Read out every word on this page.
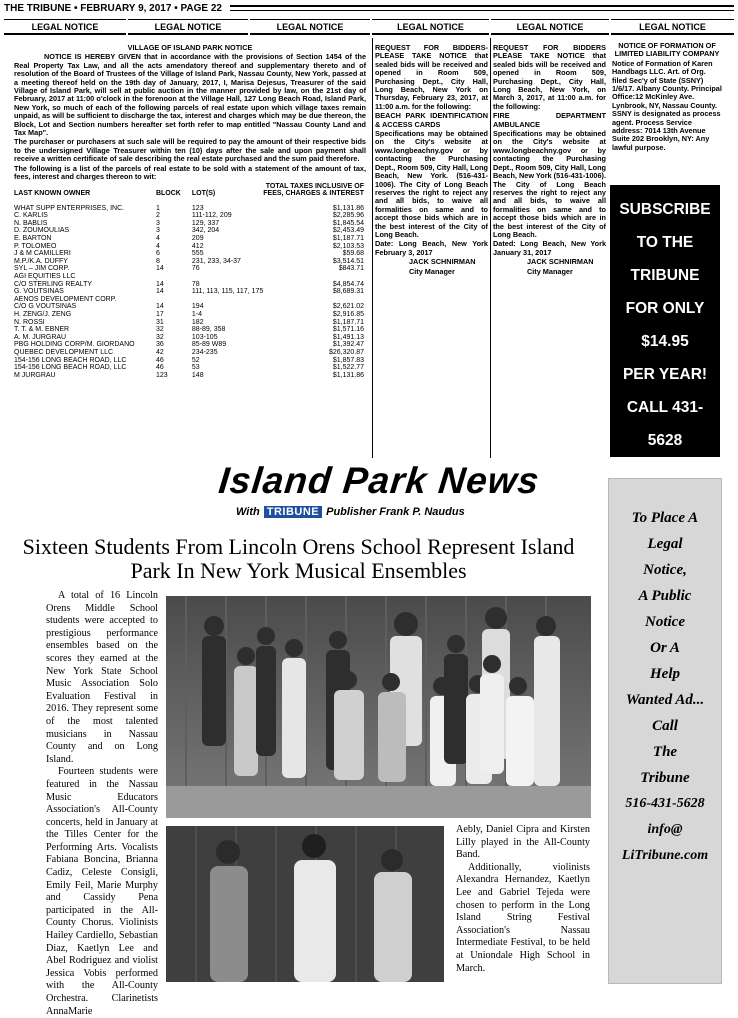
THE TRIBUNE • FEBRUARY 9, 2017 • PAGE 22
LEGAL NOTICE	LEGAL NOTICE	LEGAL NOTICE	LEGAL NOTICE	LEGAL NOTICE	LEGAL NOTICE

VILLAGE OF ISLAND PARK NOTICE

NOTICE IS HEREBY GIVEN that in accordance with the provisions of Section 1454 of the Real Property Tax Law, and all the acts amendatory thereof and supplementary thereto and of resolution of the Board of Trustees of the Village of Island Park, Nassau County, New York, passed at a meeting thereof held on the 19th day of January, 2017, I, Marisa Dejesus, Treasurer of the said Village of Island Park, will sell at public auction in the manner provided by law, on the 21st day of February, 2017 at 11:00 o'clock in the forenoon at the Village Hall, 127 Long Beach Road, Island Park, New York, so much of each of the following parcels of real estate upon which village taxes remain unpaid, as will be sufficient to discharge the tax, interest and charges which may be due thereon, the Block, Lot and Section numbers hereafter set forth refer to map entitled "Nassau County Land and Tax Map".

The purchaser or purchasers at such sale will be required to pay the amount of their respective bids to the undersigned Village Treasurer within ten (10) days after the sale and upon payment shall receive a written certificate of sale describing the real estate purchased and the sum paid therefore.

The following is a list of the parcels of real estate to be sold with a statement of the amount of tax, fees, interest and charges thereon to wit:

			TOTAL TAXES INCLUSIVE OF
LAST KNOWN OWNER	BLOCK	LOT(S)	FEES, CHARGES & INTEREST

WHAT SUPP ENTERPRISES, INC.	1	123	$1,131.86
C. KARLIS	2	111-112, 209	$2,285.96
N. BABLIS	3	129, 337	$1,845.54
D. ZOUMOULIAS	3	342, 204	$2,453.49
E. BARTON	4	209	$1,187.71
P. TOLOMEO	4	412	$2,103.53
J & M CAMILLERI	6	555	$59.68
M.P./K.A. DUFFY	8	231, 233, 34-37	$3,514.51
SYL – JIM CORP.	14	76	$843.71
AGI EQUITIES LLC			
C/O STERLING REALTY	14	78	$4,854.74
G. VOUTSINAS	14	111, 113, 115, 117, 175	$8,689.31
AENOS DEVELOPMENT CORP.			
C/O G VOUTSINAS	14	194	$2,621.02
H. ZENG/J. ZENG	17	1-4	$2,916.85
N. ROSSI	31	182	$1,187.71
T. T. & M. EBNER	32	88-89, 358	$1,571.16
A. M. JURGRAU	32	103-105	$1,491.13
PBG HOLDING CORP/M. GIORDANO	36	85-89 W89	$1,392.47
QUEBEC DEVELOPMENT LLC	42	234-235	$26,320.87
154-156 LONG BEACH ROAD, LLC	46	52	$1,857.83
154-156 LONG BEACH ROAD, LLC	46	53	$1,522.77
M JURGRAU	123	148	$1,131.86

REQUEST FOR BIDDERS-PLEASE TAKE NOTICE that sealed bids will be received and opened in Room 509, Purchasing Dept., City Hall, Long Beach, New York on Thursday, February 23, 2017, at 11:00 a.m. for the following:

BEACH PARK IDENTIFICATION & ACCESS CARDS

Specifications may be obtained on the City's website at www.longbeachny.gov or by contacting the Purchasing Dept., Room 509, City Hall, Long Beach, New York. (516-431-1006). The City of Long Beach reserves the right to reject any and all bids, to waive all formalities on same and to accept those bids which are in the best interest of the City of Long Beach.

Date: Long Beach, New York February 3, 2017

JACK SCHNIRMAN

City Manager

REQUEST FOR BIDDERS PLEASE TAKE NOTICE that sealed bids will be received and opened in Room 509, Purchasing Dept., City Hall, Long Beach, New York, on March 3, 2017, at 11:00 a.m. for the following:

FIRE DEPARTMENT AMBULANCE

Specifications may be obtained on the City's website at www.longbeachny.gov or by contacting the Purchasing Dept., Room 509, City Hall, Long Beach, New York (516-431-1006). The City of Long Beach reserves the right to reject any and all bids, to waive all formalities on same and to accept those bids which are in the best interest of the City of Long Beach.

Dated: Long Beach, New York January 31, 2017

JACK SCHNIRMAN

City Manager

NOTICE OF FORMATION OF LIMITED LIABILITY COMPANY

Notice of Formation of Karen Handbags LLC. Art. of Org. filed Sec'y of State (SSNY) 1/6/17. Albany County. Principal Office:12 McKinley Ave. Lynbrook, NY, Nassau County. SSNY is designated as process agent. Process Service address: 7014 13th Avenue Suite 202 Brooklyn, NY: Any lawful purpose.

SUBSCRIBE
TO THE
TRIBUNE
FOR ONLY
$14.95
PER YEAR!
CALL 431-
5628
Island Park News
With TRIBUNE Publisher Frank P. Naudus
Sixteen Students From Lincoln Orens School Represent Island Park In New York Musical Ensembles

A total of 16 Lincoln Orens Middle School students were accepted to prestigious performance ensembles based on the scores they earned at the New York State School Music Association Solo Evaluation Festival in 2016. They represent some of the most talented musicians in Nassau County and on Long Island.

Fourteen students were featured in the Nassau Music Educators Association's All-County concerts, held in January at the Tilles Center for the Performing Arts. Vocalists Fabiana Boncina, Brianna Cadiz, Celeste Consigli, Emily Feil, Marie Murphy and Cassidy Pena participated in the All-County Chorus. Violinists Hailey Cardiello, Sebastian Diaz, Kaetlyn Lee and Abel Rodriguez and violist Jessica Vobis performed with the All-County Orchestra. Clarinetists AnnaMarie

Aebly, Daniel Cipra and Kirsten Lilly played in the All-County Band.

Additionally, violinists Alexandra Hernandez, Kaetlyn Lee and Gabriel Tejeda were chosen to perform in the Long Island String Festival Association's Nassau Intermediate Festival, to be held at Uniondale High School in March.

To Place A
Legal
Notice,
A Public
Notice
Or A
Help
Wanted Ad...
Call
The
Tribune
516-431-5628
info@
LiTribune.com
